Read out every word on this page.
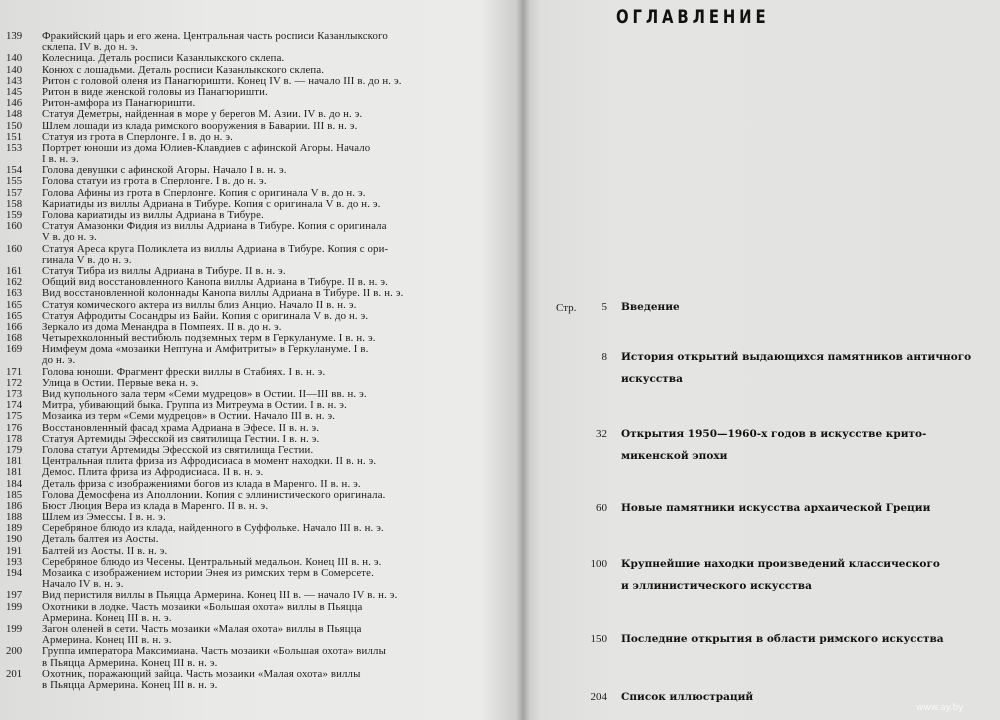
139	Фракийский царь и его жена. Центральная часть росписи Казанлыкского
склепа. IV в. до н. э.
140	Колесница. Деталь росписи Казанлыкского склепа.
140	Конюх с лошадьми. Деталь росписи Казанлыкского склепа.
143	Ритон с головой оленя из Панагюришти. Конец IV в. — начало III в. до н. э.
145	Ритон в виде женской головы из Панагюришти.
146	Ритон-амфора из Панагюришти.
148	Статуя Деметры, найденная в море у берегов М. Азии. IV в. до н. э.
150	Шлем лошади из клада римского вооружения в Баварии. III в. н. э.
151	Статуя из грота в Сперлонге. I в. до н. э.
153	Портрет юноши из дома Юлиев-Клавдиев с афинской Агоры. Начало
I в. н. э.
154	Голова девушки с афинской Агоры. Начало I в. н. э.
155	Голова статуи из грота в Сперлонге. I в. до н. э.
157	Голова Афины из грота в Сперлонге. Копия с оригинала V в. до н. э.
158	Кариатиды из виллы Адриана в Тибуре. Копия с оригинала V в. до н. э.
159	Голова кариатиды из виллы Адриана в Тибуре.
160	Статуя Амазонки Фидия из виллы Адриана в Тибуре. Копия с оригинала
V в. до н. э.
160	Статуя Ареса круга Поликлета из виллы Адриана в Тибуре. Копия с ори-
гинала V в. до н. э.
161	Статуя Тибра из виллы Адриана в Тибуре. II в. н. э.
162	Общий вид восстановленного Канопа виллы Адриана в Тибуре. II в. н. э.
163	Вид восстановленной колоннады Канопа виллы Адриана в Тибуре. II в. н. э.
165	Статуя комического актера из виллы близ Анцио. Начало II в. н. э.
165	Статуя Афродиты Сосандры из Байи. Копия с оригинала V в. до н. э.
166	Зеркало из дома Менандра в Помпеях. II в. до н. э.
168	Четырехколонный вестибюль подземных терм в Геркулануме. I в. н. э.
169	Нимфеум дома «мозаики Нептуна и Амфитриты» в Геркулануме. I в.
до н. э.
171	Голова юноши. Фрагмент фрески виллы в Стабиях. I в. н. э.
172	Улица в Остии. Первые века н. э.
173	Вид купольного зала терм «Семи мудрецов» в Остии. II—III вв. н. э.
174	Митра, убивающий быка. Группа из Митреума в Остии. I в. н. э.
175	Мозаика из терм «Семи мудрецов» в Остии. Начало III в. н. э.
176	Восстановленный фасад храма Адриана в Эфесе. II в. н. э.
178	Статуя Артемиды Эфесской из святилища Гестии. I в. н. э.
179	Голова статуи Артемиды Эфесской из святилища Гестии.
181	Центральная плита фриза из Афродисиаса в момент находки. II в. н. э.
181	Демос. Плита фриза из Афродисиаса. II в. н. э.
184	Деталь фриза с изображениями богов из клада в Маренго. II в. н. э.
185	Голова Демосфена из Аполлонии. Копия с эллинистического оригинала.
186	Бюст Люция Вера из клада в Маренго. II в. н. э.
188	Шлем из Эмессы. I в. н. э.
189	Серебряное блюдо из клада, найденного в Суффольке. Начало III в. н. э.
190	Деталь балтея из Аосты.
191	Балтей из Аосты. II в. н. э.
193	Серебряное блюдо из Чесены. Центральный медальон. Конец III в. н. э.
194	Мозаика с изображением истории Энея из римских терм в Сомерсете.
Начало IV в. н. э.
197	Вид перистиля виллы в Пьяцца Армерина. Конец III в. — начало IV в. н. э.
199	Охотники в лодке. Часть мозаики «Большая охота» виллы в Пьяцца
Армерина. Конец III в. н. э.
199	Загон оленей в сети. Часть мозаики «Малая охота» виллы в Пьяцца
Армерина. Конец III в. н. э.
200	Группа императора Максимиана. Часть мозаики «Большая охота» виллы
в Пьяцца Армерина. Конец III в. н. э.
201	Охотник, поражающий зайца. Часть мозаики «Малая охота» виллы
в Пьяцца Армерина. Конец III в. н. э.
ОГЛАВЛЕНИЕ
Стр.	5 Введение
8 История открытий выдающихся памятников античного
искусства
32 Открытия 1950—1960-х годов в искусстве крито-
микенской эпохи
60 Новые памятники искусства архаической Греции
100 Крупнейшие находки произведений классического
и эллинистического искусства
150 Последние открытия в области римского искусства
204 Список иллюстраций
www.ay.by
